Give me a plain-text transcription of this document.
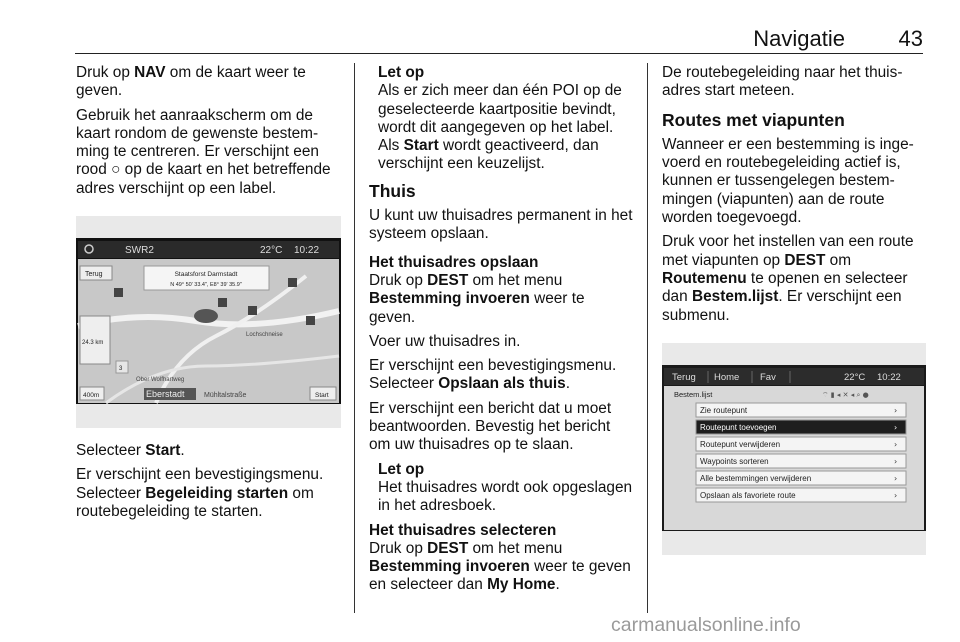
Navigatie 43

Druk op NAV om de kaart weer te geven.

Gebruik het aanraakscherm om de kaart rondom de gewenste bestemming te centreren. Er verschijnt een rood ○ op de kaart en het betreffende adres verschijnt op een label.

SWR2	22°C 10:22
Staatsforst Darmstadt
N 49° 50' 33.4", E8° 39' 35.9"
Terug
24.3 km
3
Ober Wolfhartweg
Lochschneise
Eberstadt	Mühltalstraße
400m	Start

Selecteer Start.

Er verschijnt een bevestigingsmenu. Selecteer Begeleiding starten om routebegeleiding te starten.

Let op
Als er zich meer dan één POI op de geselecteerde kaartpositie bevindt, wordt dit aangegeven op het label. Als Start wordt geactiveerd, dan verschijnt een keuzelijst.
Thuis

U kunt uw thuisadres permanent in het systeem opslaan.

Het thuisadres opslaan

Druk op DEST om het menu Bestemming invoeren weer te geven.

Voer uw thuisadres in.

Er verschijnt een bevestigingsmenu. Selecteer Opslaan als thuis.

Er verschijnt een bericht dat u moet beantwoorden. Bevestig het bericht om uw thuisadres op te slaan.

Let op
Het thuisadres wordt ook opgeslagen in het adresboek.
Het thuisadres selecteren

Druk op DEST om het menu Bestemming invoeren weer te geven en selecteer dan My Home.

De routebegeleiding naar het thuisadres start meteen.

Routes met viapunten

Wanneer er een bestemming is ingevoerd en routebegeleiding actief is, kunnen er tussengelegen bestemmingen (viapunten) aan de route worden toegevoegd.

Druk voor het instellen van een route met viapunten op DEST om Routemenu te openen en selecteer dan Bestem.lijst. Er verschijnt een submenu.

Terug Home Fav	22°C 10:22
Bestem.lijst	⌔ ▮ ◂ ✕ ◂ ⌕ ●
Zie routepunt	›
Routepunt toevoegen	›
Routepunt verwijderen	›
Waypoints sorteren	›
Alle bestemmingen verwijderen	›
Opslaan als favoriete route	›
carmanualsonline.info
